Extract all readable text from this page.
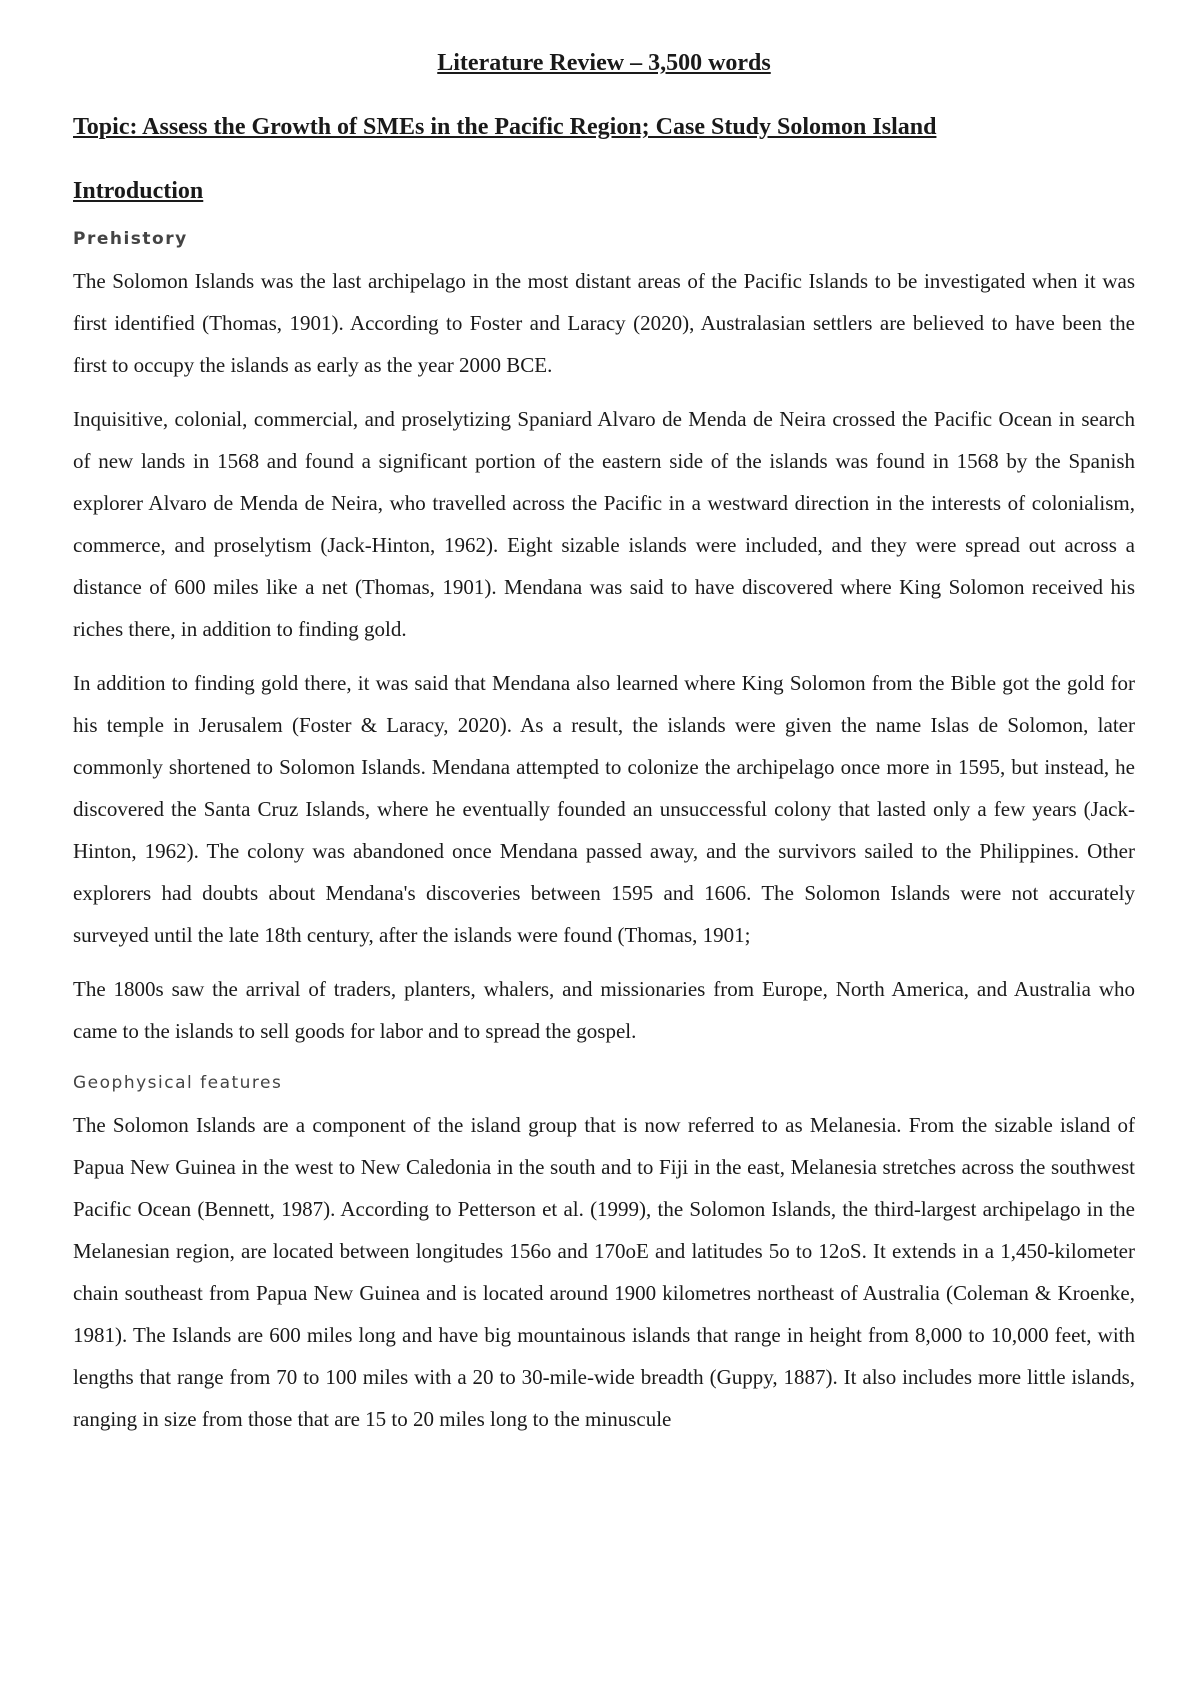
Literature Review – 3,500 words
Topic: Assess the Growth of SMEs in the Pacific Region; Case Study Solomon Island
Introduction
Prehistory

The Solomon Islands was the last archipelago in the most distant areas of the Pacific Islands to be investigated when it was first identified (Thomas, 1901). According to Foster and Laracy (2020), Australasian settlers are believed to have been the first to occupy the islands as early as the year 2000 BCE.

Inquisitive, colonial, commercial, and proselytizing Spaniard Alvaro de Menda de Neira crossed the Pacific Ocean in search of new lands in 1568 and found a significant portion of the eastern side of the islands was found in 1568 by the Spanish explorer Alvaro de Menda de Neira, who travelled across the Pacific in a westward direction in the interests of colonialism, commerce, and proselytism (Jack-Hinton, 1962). Eight sizable islands were included, and they were spread out across a distance of 600 miles like a net (Thomas, 1901). Mendana was said to have discovered where King Solomon received his riches there, in addition to finding gold.

In addition to finding gold there, it was said that Mendana also learned where King Solomon from the Bible got the gold for his temple in Jerusalem (Foster & Laracy, 2020). As a result, the islands were given the name Islas de Solomon, later commonly shortened to Solomon Islands. Mendana attempted to colonize the archipelago once more in 1595, but instead, he discovered the Santa Cruz Islands, where he eventually founded an unsuccessful colony that lasted only a few years (Jack-Hinton, 1962). The colony was abandoned once Mendana passed away, and the survivors sailed to the Philippines. Other explorers had doubts about Mendana's discoveries between 1595 and 1606. The Solomon Islands were not accurately surveyed until the late 18th century, after the islands were found (Thomas, 1901;

The 1800s saw the arrival of traders, planters, whalers, and missionaries from Europe, North America, and Australia who came to the islands to sell goods for labor and to spread the gospel.

Geophysical features

The Solomon Islands are a component of the island group that is now referred to as Melanesia. From the sizable island of Papua New Guinea in the west to New Caledonia in the south and to Fiji in the east, Melanesia stretches across the southwest Pacific Ocean (Bennett, 1987). According to Petterson et al. (1999), the Solomon Islands, the third-largest archipelago in the Melanesian region, are located between longitudes 156o and 170oE and latitudes 5o to 12oS. It extends in a 1,450-kilometer chain southeast from Papua New Guinea and is located around 1900 kilometres northeast of Australia (Coleman & Kroenke, 1981). The Islands are 600 miles long and have big mountainous islands that range in height from 8,000 to 10,000 feet, with lengths that range from 70 to 100 miles with a 20 to 30-mile-wide breadth (Guppy, 1887). It also includes more little islands, ranging in size from those that are 15 to 20 miles long to the minuscule
